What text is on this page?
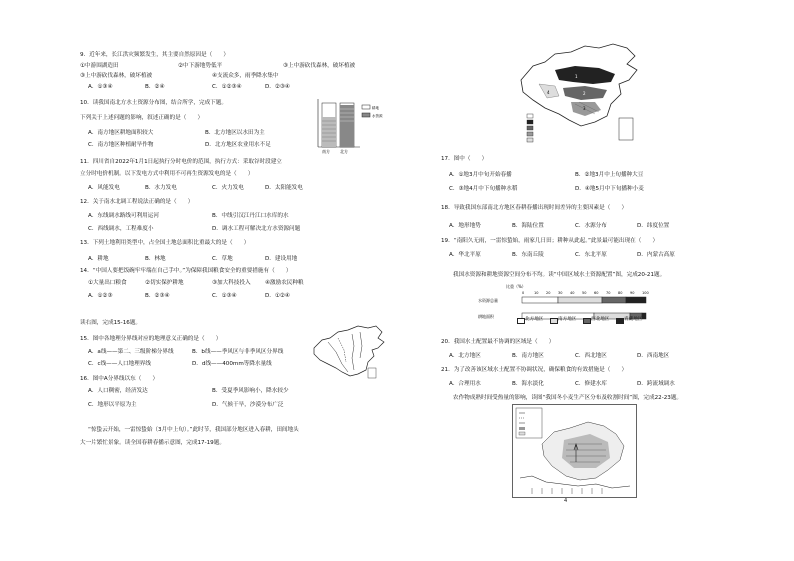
9．近年来，长江洪灾频繁发生，其主要自然原因是（　　）
①中游围湖造田	②中下游地势低平	③上中游砍伐森林，破坏植被
③上中游砍伐森林，破坏植被	④支流众多，雨季降水集中
A．①③④	B．②④	C．①②③④	D．②③④
10．读我国南北方水土资源分布图，结合所学，完成下题。
下列关于上述问题的影响，叙述正确的是（　　）
A．南方地区耕地面积较大	B．北方地区以水田为主
C．南方地区种植耐旱作物	D．北方地区农业用水不足
南方	北方
耕地
水资源
11．四川省自2022年1月1日起执行分时电价的范围，执行方式：采取谷时段建立
立分时电价机制。以下发电方式中利用不可再生资源发电的是（　　）
A．风能发电	B．水力发电	C．火力发电	D．太阳能发电
12．关于南水北调工程说法正确的是（　　）
A．东线调水路线可利用运河	B．中线引汉江丹江口水库的水
C．西线调水，工程难度小	D．调水工程可解决北方水资源问题
13．下列土地利用类型中，占全国土地总面积比重最大的是（　　）
A．耕地	B．林地	C．草地	D．建设用地
14．“中国人要把饭碗牢牢端在自己手中。”为保障我国粮食安全的重要措施有（　　）
①大量出口粮食	②切实保护耕地	③加大科技投入	④激励农民种粮
A．①②③	B．②③④	C．①③④	D．①②④
读右图，完成15-16题。
15．图中各地理分界线对应的地理意义正确的是（　　）
A．a线——第二、三级阶梯分界线	B．b线——季风区与非季风区分界线
C．c线——人口地理界线	D．d线——400mm等降水量线
16．图中A分界线以东（　　）
A．人口稠密，经济发达	B．受夏季风影响小，降水较少
C．地形以平原为主	D．气候干旱，沙漠分布广泛
“惊蛰云开始，一雷惊蛰始（3月中上旬）。”此时节，我国部分地区进入春耕，田间地头
大一片繁忙景象。读全国春耕春播示意图，完成17-19题。
1
2
3
4
17．图中（　　）
A．①地3月中旬开始春播	B．②地3月中上旬播种大豆
C．③地4月中下旬播种水稻	D．④地5月中下旬播种小麦
18．导致我国东部南北方地区春耕春播出现时间差异的主要因素是（　　）
A．地形地势	B．海陆位置	C．水源分布	D．纬度位置
19．“南阳久无雨，一雷惊蛰始，雨家几日田；耕种从此起。”此景最可能出现在（　　）
A．华北平原	B．东南丘陵	C．东北平原	D．内蒙古高原
我国水资源和耕地资源空间分布不均。读“中国区域水土资源配置”图，完成20-21题。
比重（%）
0	10 20 30 40 50 60 70 80 90 100
水资源总量
耕地面积
北方地区	南方地区	西北地区	青藏地区
20．我国水土配置最不协调的区域是（　　）
A．北方地区	B．南方地区	C．西北地区	D．西南地区
21．为了改善该区域水土配置不协调状况，确保粮食的有效措施是（　　）
A．合理用水	B．海水淡化	C．修建水库	D．跨流域调水
农作物成熟时间受热量的影响，读图“我国冬小麦生产区分布及收割时间”图，完成22-23题。
4
